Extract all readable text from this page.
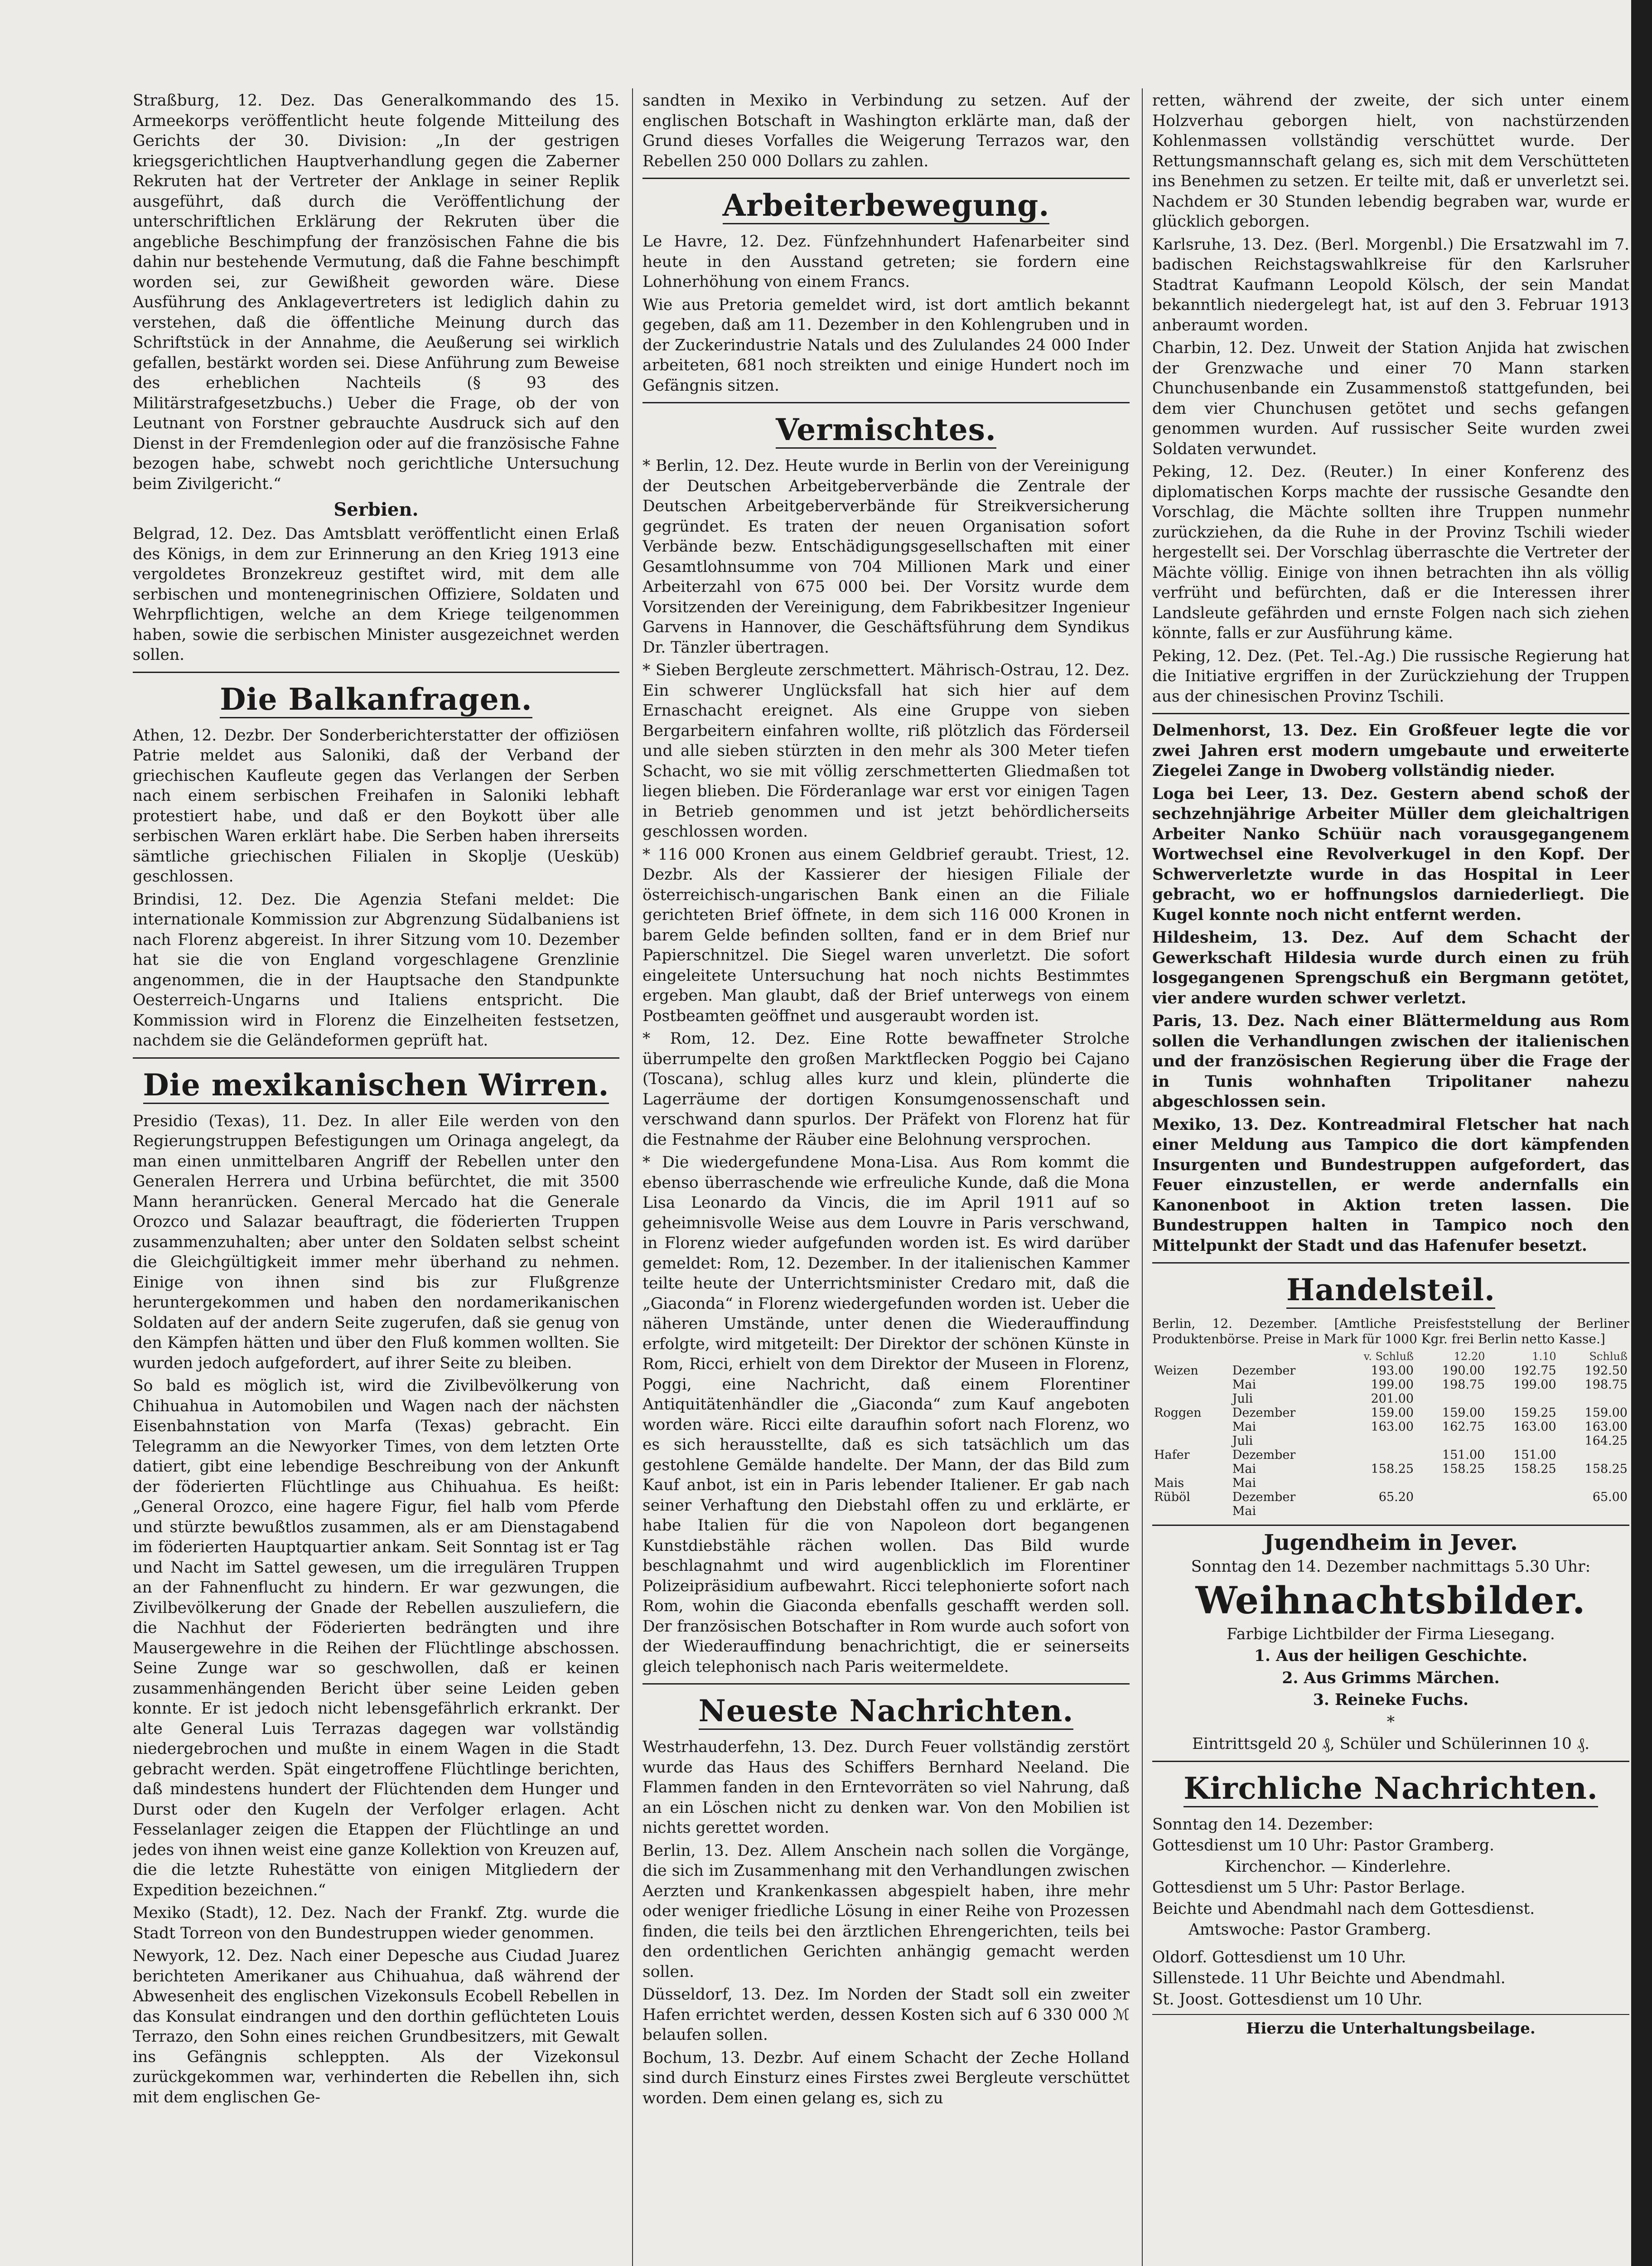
Straßburg, 12. Dez. Das Generalkommando des 15. Armeekorps veröffentlicht heute folgende Mitteilung des Gerichts der 30. Division: „In der gestrigen kriegsgerichtlichen Hauptverhandlung gegen die Zaberner Rekruten hat der Vertreter der Anklage in seiner Replik ausgeführt, daß durch die Veröffentlichung der unterschriftlichen Erklärung der Rekruten über die angebliche Beschimpfung der französischen Fahne die bis dahin nur bestehende Vermutung, daß die Fahne beschimpft worden sei, zur Gewißheit geworden wäre. Diese Ausführung des Anklagevertreters ist lediglich dahin zu verstehen, daß die öffentliche Meinung durch das Schriftstück in der Annahme, die Aeußerung sei wirklich gefallen, bestärkt worden sei. Diese Anführung zum Beweise des erheblichen Nachteils (§ 93 des Militärstrafgesetzbuchs.) Ueber die Frage, ob der von Leutnant von Forstner gebrauchte Ausdruck sich auf den Dienst in der Fremdenlegion oder auf die französische Fahne bezogen habe, schwebt noch gerichtliche Untersuchung beim Zivilgericht.“

Serbien.

Belgrad, 12. Dez. Das Amtsblatt veröffentlicht einen Erlaß des Königs, in dem zur Erinnerung an den Krieg 1913 eine vergoldetes Bronzekreuz gestiftet wird, mit dem alle serbischen und montenegrinischen Offiziere, Soldaten und Wehrpflichtigen, welche an dem Kriege teilgenommen haben, sowie die serbischen Minister ausgezeichnet werden sollen.

Die Balkanfragen.

Athen, 12. Dezbr. Der Sonderberichterstatter der offiziösen Patrie meldet aus Saloniki, daß der Verband der griechischen Kaufleute gegen das Verlangen der Serben nach einem serbischen Freihafen in Saloniki lebhaft protestiert habe, und daß er den Boykott über alle serbischen Waren erklärt habe. Die Serben haben ihrerseits sämtliche griechischen Filialen in Skoplje (Uesküb) geschlossen.

Brindisi, 12. Dez. Die Agenzia Stefani meldet: Die internationale Kommission zur Abgrenzung Südalbaniens ist nach Florenz abgereist. In ihrer Sitzung vom 10. Dezember hat sie die von England vorgeschlagene Grenzlinie angenommen, die in der Hauptsache den Standpunkte Oesterreich-Ungarns und Italiens entspricht. Die Kommission wird in Florenz die Einzelheiten festsetzen, nachdem sie die Geländeformen geprüft hat.

Die mexikanischen Wirren.

Presidio (Texas), 11. Dez. In aller Eile werden von den Regierungstruppen Befestigungen um Orinaga angelegt, da man einen unmittelbaren Angriff der Rebellen unter den Generalen Herrera und Urbina befürchtet, die mit 3500 Mann heranrücken. General Mercado hat die Generale Orozco und Salazar beauftragt, die föderierten Truppen zusammenzuhalten; aber unter den Soldaten selbst scheint die Gleichgültigkeit immer mehr überhand zu nehmen. Einige von ihnen sind bis zur Flußgrenze heruntergekommen und haben den nordamerikanischen Soldaten auf der andern Seite zugerufen, daß sie genug von den Kämpfen hätten und über den Fluß kommen wollten. Sie wurden jedoch aufgefordert, auf ihrer Seite zu bleiben.

So bald es möglich ist, wird die Zivilbevölkerung von Chihuahua in Automobilen und Wagen nach der nächsten Eisenbahnstation von Marfa (Texas) gebracht. Ein Telegramm an die Newyorker Times, von dem letzten Orte datiert, gibt eine lebendige Beschreibung von der Ankunft der föderierten Flüchtlinge aus Chihuahua. Es heißt: „General Orozco, eine hagere Figur, fiel halb vom Pferde und stürzte bewußtlos zusammen, als er am Dienstagabend im föderierten Hauptquartier ankam. Seit Sonntag ist er Tag und Nacht im Sattel gewesen, um die irregulären Truppen an der Fahnenflucht zu hindern. Er war gezwungen, die Zivilbevölkerung der Gnade der Rebellen auszuliefern, die die Nachhut der Föderierten bedrängten und ihre Mausergewehre in die Reihen der Flüchtlinge abschossen. Seine Zunge war so geschwollen, daß er keinen zusammenhängenden Bericht über seine Leiden geben konnte. Er ist jedoch nicht lebensgefährlich erkrankt. Der alte General Luis Terrazas dagegen war vollständig niedergebrochen und mußte in einem Wagen in die Stadt gebracht werden. Spät eingetroffene Flüchtlinge berichten, daß mindestens hundert der Flüchtenden dem Hunger und Durst oder den Kugeln der Verfolger erlagen. Acht Fesselanlager zeigen die Etappen der Flüchtlinge an und jedes von ihnen weist eine ganze Kollektion von Kreuzen auf, die die letzte Ruhestätte von einigen Mitgliedern der Expedition bezeichnen.“

Mexiko (Stadt), 12. Dez. Nach der Frankf. Ztg. wurde die Stadt Torreon von den Bundestruppen wieder genommen.

Newyork, 12. Dez. Nach einer Depesche aus Ciudad Juarez berichteten Amerikaner aus Chihuahua, daß während der Abwesenheit des englischen Vizekonsuls Ecobell Rebellen in das Konsulat eindrangen und den dorthin geflüchteten Louis Terrazo, den Sohn eines reichen Grundbesitzers, mit Gewalt ins Gefängnis schleppten. Als der Vizekonsul zurückgekommen war, verhinderten die Rebellen ihn, sich mit dem englischen Ge-

sandten in Mexiko in Verbindung zu setzen. Auf der englischen Botschaft in Washington erklärte man, daß der Grund dieses Vorfalles die Weigerung Terrazos war, den Rebellen 250 000 Dollars zu zahlen.

Arbeiterbewegung.

Le Havre, 12. Dez. Fünfzehnhundert Hafenarbeiter sind heute in den Ausstand getreten; sie fordern eine Lohnerhöhung von einem Francs.

Wie aus Pretoria gemeldet wird, ist dort amtlich bekannt gegeben, daß am 11. Dezember in den Kohlengruben und in der Zuckerindustrie Natals und des Zululandes 24 000 Inder arbeiteten, 681 noch streikten und einige Hundert noch im Gefängnis sitzen.

Vermischtes.

* Berlin, 12. Dez. Heute wurde in Berlin von der Vereinigung der Deutschen Arbeitgeberverbände die Zentrale der Deutschen Arbeitgeberverbände für Streikversicherung gegründet. Es traten der neuen Organisation sofort Verbände bezw. Entschädigungsgesellschaften mit einer Gesamtlohnsumme von 704 Millionen Mark und einer Arbeiterzahl von 675 000 bei. Der Vorsitz wurde dem Vorsitzenden der Vereinigung, dem Fabrikbesitzer Ingenieur Garvens in Hannover, die Geschäftsführung dem Syndikus Dr. Tänzler übertragen.

* Sieben Bergleute zerschmettert. Mährisch-Ostrau, 12. Dez. Ein schwerer Unglücksfall hat sich hier auf dem Ernaschacht ereignet. Als eine Gruppe von sieben Bergarbeitern einfahren wollte, riß plötzlich das Förderseil und alle sieben stürzten in den mehr als 300 Meter tiefen Schacht, wo sie mit völlig zerschmetterten Gliedmaßen tot liegen blieben. Die Förderanlage war erst vor einigen Tagen in Betrieb genommen und ist jetzt behördlicherseits geschlossen worden.

* 116 000 Kronen aus einem Geldbrief geraubt. Triest, 12. Dezbr. Als der Kassierer der hiesigen Filiale der österreichisch-ungarischen Bank einen an die Filiale gerichteten Brief öffnete, in dem sich 116 000 Kronen in barem Gelde befinden sollten, fand er in dem Brief nur Papierschnitzel. Die Siegel waren unverletzt. Die sofort eingeleitete Untersuchung hat noch nichts Bestimmtes ergeben. Man glaubt, daß der Brief unterwegs von einem Postbeamten geöffnet und ausgeraubt worden ist.

* Rom, 12. Dez. Eine Rotte bewaffneter Strolche überrumpelte den großen Marktflecken Poggio bei Cajano (Toscana), schlug alles kurz und klein, plünderte die Lagerräume der dortigen Konsumgenossenschaft und verschwand dann spurlos. Der Präfekt von Florenz hat für die Festnahme der Räuber eine Belohnung versprochen.

* Die wiedergefundene Mona-Lisa. Aus Rom kommt die ebenso überraschende wie erfreuliche Kunde, daß die Mona Lisa Leonardo da Vincis, die im April 1911 auf so geheimnisvolle Weise aus dem Louvre in Paris verschwand, in Florenz wieder aufgefunden worden ist. Es wird darüber gemeldet: Rom, 12. Dezember. In der italienischen Kammer teilte heute der Unterrichtsminister Credaro mit, daß die „Giaconda“ in Florenz wiedergefunden worden ist. Ueber die näheren Umstände, unter denen die Wiederauffindung erfolgte, wird mitgeteilt: Der Direktor der schönen Künste in Rom, Ricci, erhielt von dem Direktor der Museen in Florenz, Poggi, eine Nachricht, daß einem Florentiner Antiquitätenhändler die „Giaconda“ zum Kauf angeboten worden wäre. Ricci eilte daraufhin sofort nach Florenz, wo es sich herausstellte, daß es sich tatsächlich um das gestohlene Gemälde handelte. Der Mann, der das Bild zum Kauf anbot, ist ein in Paris lebender Italiener. Er gab nach seiner Verhaftung den Diebstahl offen zu und erklärte, er habe Italien für die von Napoleon dort begangenen Kunstdiebstähle rächen wollen. Das Bild wurde beschlagnahmt und wird augenblicklich im Florentiner Polizeipräsidium aufbewahrt. Ricci telephonierte sofort nach Rom, wohin die Giaconda ebenfalls geschafft werden soll. Der französischen Botschafter in Rom wurde auch sofort von der Wiederauffindung benachrichtigt, die er seinerseits gleich telephonisch nach Paris weitermeldete.

Neueste Nachrichten.

Westrhauderfehn, 13. Dez. Durch Feuer vollständig zerstört wurde das Haus des Schiffers Bernhard Neeland. Die Flammen fanden in den Erntevorräten so viel Nahrung, daß an ein Löschen nicht zu denken war. Von den Mobilien ist nichts gerettet worden.

Berlin, 13. Dez. Allem Anschein nach sollen die Vorgänge, die sich im Zusammenhang mit den Verhandlungen zwischen Aerzten und Krankenkassen abgespielt haben, ihre mehr oder weniger friedliche Lösung in einer Reihe von Prozessen finden, die teils bei den ärztlichen Ehrengerichten, teils bei den ordentlichen Gerichten anhängig gemacht werden sollen.

Düsseldorf, 13. Dez. Im Norden der Stadt soll ein zweiter Hafen errichtet werden, dessen Kosten sich auf 6 330 000 ℳ belaufen sollen.

Bochum, 13. Dezbr. Auf einem Schacht der Zeche Holland sind durch Einsturz eines Firstes zwei Bergleute verschüttet worden. Dem einen gelang es, sich zu

retten, während der zweite, der sich unter einem Holzverhau geborgen hielt, von nachstürzenden Kohlenmassen vollständig verschüttet wurde. Der Rettungsmannschaft gelang es, sich mit dem Verschütteten ins Benehmen zu setzen. Er teilte mit, daß er unverletzt sei. Nachdem er 30 Stunden lebendig begraben war, wurde er glücklich geborgen.

Karlsruhe, 13. Dez. (Berl. Morgenbl.) Die Ersatzwahl im 7. badischen Reichstagswahlkreise für den Karlsruher Stadtrat Kaufmann Leopold Kölsch, der sein Mandat bekanntlich niedergelegt hat, ist auf den 3. Februar 1913 anberaumt worden.

Charbin, 12. Dez. Unweit der Station Anjida hat zwischen der Grenzwache und einer 70 Mann starken Chunchusenbande ein Zusammenstoß stattgefunden, bei dem vier Chunchusen getötet und sechs gefangen genommen wurden. Auf russischer Seite wurden zwei Soldaten verwundet.

Peking, 12. Dez. (Reuter.) In einer Konferenz des diplomatischen Korps machte der russische Gesandte den Vorschlag, die Mächte sollten ihre Truppen nunmehr zurückziehen, da die Ruhe in der Provinz Tschili wieder hergestellt sei. Der Vorschlag überraschte die Vertreter der Mächte völlig. Einige von ihnen betrachten ihn als völlig verfrüht und befürchten, daß er die Interessen ihrer Landsleute gefährden und ernste Folgen nach sich ziehen könnte, falls er zur Ausführung käme.

Peking, 12. Dez. (Pet. Tel.-Ag.) Die russische Regierung hat die Initiative ergriffen in der Zurückziehung der Truppen aus der chinesischen Provinz Tschili.

Delmenhorst, 13. Dez. Ein Großfeuer legte die vor zwei Jahren erst modern umgebaute und erweiterte Ziegelei Zange in Dwoberg vollständig nieder.

Loga bei Leer, 13. Dez. Gestern abend schoß der sechzehnjährige Arbeiter Müller dem gleichaltrigen Arbeiter Nanko Schüür nach vorausgegangenem Wortwechsel eine Revolverkugel in den Kopf. Der Schwerverletzte wurde in das Hospital in Leer gebracht, wo er hoffnungslos darniederliegt. Die Kugel konnte noch nicht entfernt werden.

Hildesheim, 13. Dez. Auf dem Schacht der Gewerkschaft Hildesia wurde durch einen zu früh losgegangenen Sprengschuß ein Bergmann getötet, vier andere wurden schwer verletzt.

Paris, 13. Dez. Nach einer Blättermeldung aus Rom sollen die Verhandlungen zwischen der italienischen und der französischen Regierung über die Frage der in Tunis wohnhaften Tripolitaner nahezu abgeschlossen sein.

Mexiko, 13. Dez. Kontreadmiral Fletscher hat nach einer Meldung aus Tampico die dort kämpfenden Insurgenten und Bundestruppen aufgefordert, das Feuer einzustellen, er werde andernfalls ein Kanonenboot in Aktion treten lassen. Die Bundestruppen halten in Tampico noch den Mittelpunkt der Stadt und das Hafenufer besetzt.

Handelsteil.

Berlin, 12. Dezember. [Amtliche Preisfeststellung der Berliner Produktenbörse. Preise in Mark für 1000 Kgr. frei Berlin netto Kasse.]

		v. Schluß	12.20	1.10	Schluß
Weizen	Dezember	193.00	190.00	192.75	192.50
	Mai	199.00	198.75	199.00	198.75
	Juli	201.00			
Roggen	Dezember	159.00	159.00	159.25	159.00
	Mai	163.00	162.75	163.00	163.00
	Juli				164.25
Hafer	Dezember		151.00	151.00	
	Mai	158.25	158.25	158.25	158.25
Mais	Mai				
Rüböl	Dezember	65.20			65.00
	Mai				
Jugendheim in Jever.

Sonntag den 14. Dezember nachmittags 5.30 Uhr:

Weihnachtsbilder.

Farbige Lichtbilder der Firma Liesegang.

1. Aus der heiligen Geschichte.

2. Aus Grimms Märchen.

3. Reineke Fuchs.

*

Eintrittsgeld 20 ₰, Schüler und Schülerinnen 10 ₰.

Kirchliche Nachrichten.

Sonntag den 14. Dezember:

Gottesdienst um 10 Uhr: Pastor Gramberg.

Kirchenchor. — Kinderlehre.

Gottesdienst um 5 Uhr: Pastor Berlage.

Beichte und Abendmahl nach dem Gottesdienst.

Amtswoche: Pastor Gramberg.

Oldorf. Gottesdienst um 10 Uhr.

Sillenstede. 11 Uhr Beichte und Abendmahl.

St. Joost. Gottesdienst um 10 Uhr.

Hierzu die Unterhaltungsbeilage.
